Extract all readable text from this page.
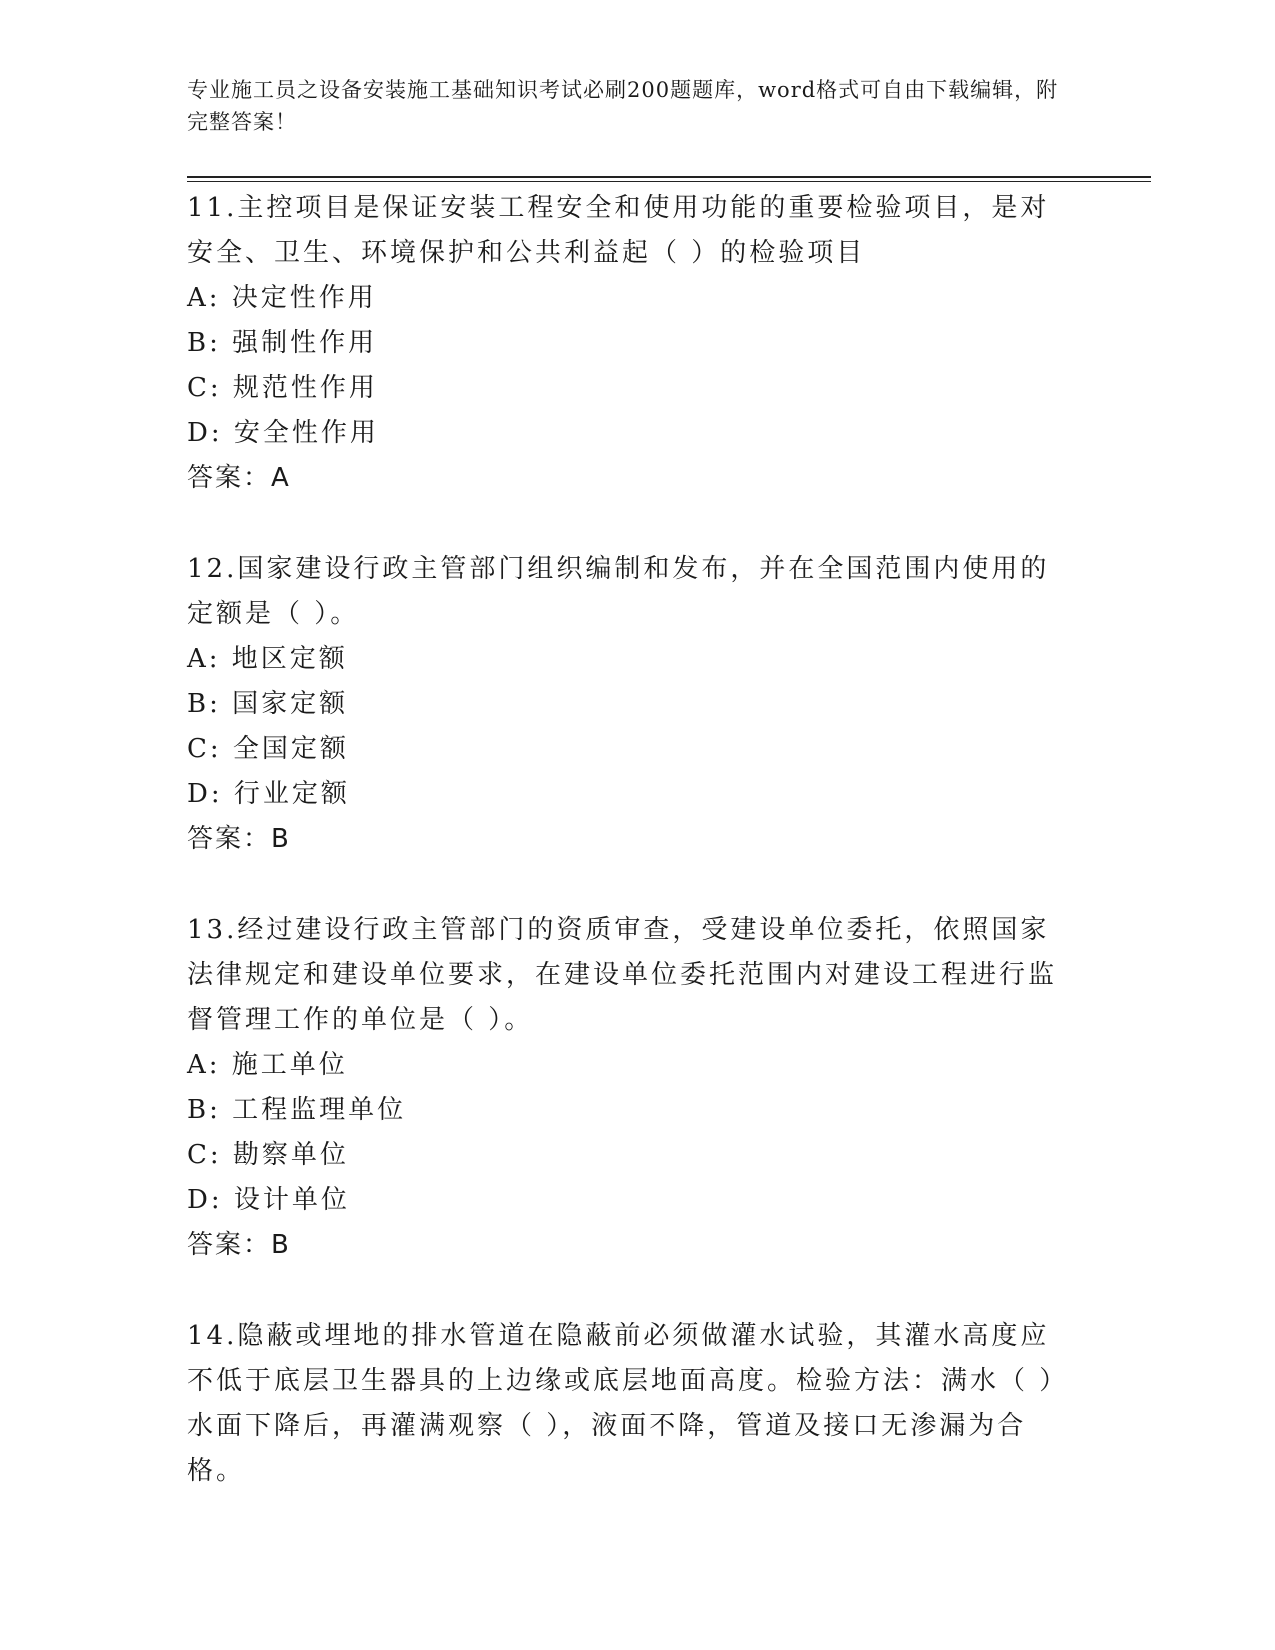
专业施工员之设备安装施工基础知识考试必刷200题题库，word格式可自由下载编辑，附完整答案！

11.主控项目是保证安装工程安全和使用功能的重要检验项目，是对安全、卫生、环境保护和公共利益起（ ）的检验项目

A: 决定性作用

B: 强制性作用

C: 规范性作用

D: 安全性作用

答案：A

12.国家建设行政主管部门组织编制和发布，并在全国范围内使用的定额是（ ）。

A: 地区定额

B: 国家定额

C: 全国定额

D: 行业定额

答案：B

13.经过建设行政主管部门的资质审查，受建设单位委托，依照国家法律规定和建设单位要求，在建设单位委托范围内对建设工程进行监督管理工作的单位是（ ）。

A: 施工单位

B: 工程监理单位

C: 勘察单位

D: 设计单位

答案：B

14.隐蔽或埋地的排水管道在隐蔽前必须做灌水试验，其灌水高度应不低于底层卫生器具的上边缘或底层地面高度。检验方法：满水（ ）水面下降后，再灌满观察（ ），液面不降，管道及接口无渗漏为合格。
